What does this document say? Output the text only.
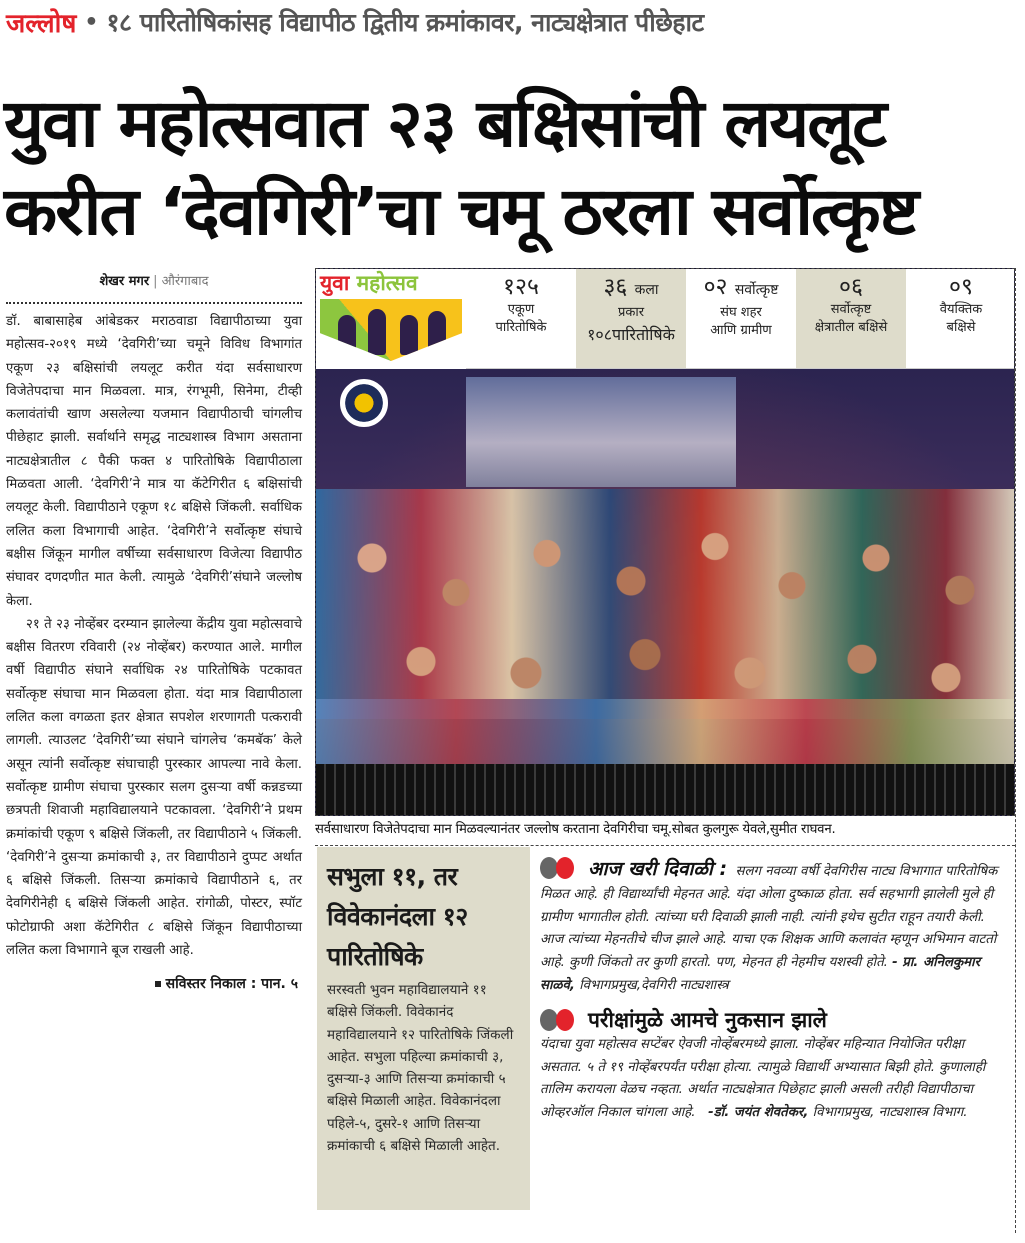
जल्लोष • १८ पारितोषिकांसह विद्यापीठ द्वितीय क्रमांकावर, नाट्यक्षेत्रात पीछेहाट
युवा महोत्सवात २३ बक्षिसांची लयलूट
करीत ‘देवगिरी’चा चमू ठरला सर्वोत्कृष्ट
शेखर मगर | औरंगाबाद

डॉ. बाबासाहेब आंबेडकर मराठवाडा विद्यापीठाच्या युवा महोत्सव-२०१९ मध्ये ‘देवगिरी’च्या चमूने विविध विभागांत एकूण २३ बक्षिसांची लयलूट करीत यंदा सर्वसाधारण विजेतेपदाचा मान मिळवला. मात्र, रंगभूमी, सिनेमा, टीव्ही कलावंतांची खाण असलेल्या यजमान विद्यापीठाची चांगलीच पीछेहाट झाली. सर्वार्थाने समृद्ध नाट्यशास्त्र विभाग असताना नाट्यक्षेत्रातील ८ पैकी फक्त ४ पारितोषिके विद्यापीठाला मिळवता आली. ‘देवगिरी’ने मात्र या कॅटेगिरीत ६ बक्षिसांची लयलूट केली. विद्यापीठाने एकूण १८ बक्षिसे जिंकली. सर्वाधिक ललित कला विभागाची आहेत. ‘देवगिरी’ने सर्वोत्कृष्ट संघाचे बक्षीस जिंकून मागील वर्षीच्या सर्वसाधारण विजेत्या विद्यापीठ संघावर दणदणीत मात केली. त्यामुळे ‘देवगिरी’संघाने जल्लोष केला.

२१ ते २३ नोव्हेंबर दरम्यान झालेल्या केंद्रीय युवा महोत्सवाचे बक्षीस वितरण रविवारी (२४ नोव्हेंबर) करण्यात आले. मागील वर्षी विद्यापीठ संघाने सर्वाधिक २४ पारितोषिके पटकावत सर्वोत्कृष्ट संघाचा मान मिळवला होता. यंदा मात्र विद्यापीठाला ललित कला वगळता इतर क्षेत्रात सपशेल शरणागती पत्करावी लागली. त्याउलट ‘देवगिरी’च्या संघाने चांगलेच ‘कमबॅक’ केले असून त्यांनी सर्वोत्कृष्ट संघाचाही पुरस्कार आपल्या नावे केला. सर्वोत्कृष्ट ग्रामीण संघाचा पुरस्कार सलग दुसऱ्या वर्षी कन्नडच्या छत्रपती शिवाजी महाविद्यालयाने पटकावला. ‘देवगिरी’ने प्रथम क्रमांकांची एकूण ९ बक्षिसे जिंकली, तर विद्यापीठाने ५ जिंकली. ‘देवगिरी’ने दुसऱ्या क्रमांकाची ३, तर विद्यापीठाने दुप्पट अर्थात ६ बक्षिसे जिंकली. तिसऱ्या क्रमांकाचे विद्यापीठाने ६, तर देवगिरीनेही ६ बक्षिसे जिंकली आहेत. रांगोळी, पोस्टर, स्पॉट फोटोग्राफी अशा कॅटेगिरीत ८ बक्षिसे जिंकून विद्यापीठाच्या ललित कला विभागाने बूज राखली आहे.

सविस्तर निकाल : पान. ५
युवा महोत्सव	१२५
एकूण
पारितोषिके
३६ कला
प्रकार
१०८पारितोषिके
०२ सर्वोत्कृष्ट
संघ शहर
आणि ग्रामीण
०६
सर्वोत्कृष्ट
क्षेत्रातील बक्षिसे
०९
वैयक्तिक
बक्षिसे
सर्वसाधारण विजेतेपदाचा मान मिळवल्यानंतर जल्लोष करताना देवगिरीचा चमू.सोबत कुलगुरू येवले,सुमीत राघवन.
सभुला ११, तर विवेकानंदला १२ पारितोषिके

सरस्वती भुवन महाविद्यालयाने ११ बक्षिसे जिंकली. विवेकानंद महाविद्यालयाने १२ पारितोषिके जिंकली आहेत. सभुला पहिल्या क्रमांकाची ३, दुसऱ्या-३ आणि तिसऱ्या क्रमांकाची ५ बक्षिसे मिळाली आहेत. विवेकानंदला पहिले-५, दुसरे-१ आणि तिसऱ्या क्रमांकाची ६ बक्षिसे मिळाली आहेत.

आज खरी दिवाळी : सलग नवव्या वर्षी देवगिरीस नाट्य विभागात पारितोषिक मिळत आहे. ही विद्यार्थ्यांची मेहनत आहे. यंदा ओला दुष्काळ होता. सर्व सहभागी झालेली मुले ही ग्रामीण भागातील होती. त्यांच्या घरी दिवाळी झाली नाही. त्यांनी इथेच सुटीत राहून तयारी केली. आज त्यांच्या मेहनतीचे चीज झाले आहे. याचा एक शिक्षक आणि कलावंत म्हणून अभिमान वाटतो आहे. कुणी जिंकतो तर कुणी हारतो. पण, मेहनत ही नेहमीच यशस्वी होते. - प्रा. अनिलकुमार साळवे, विभागप्रमुख,देवगिरी नाट्यशास्त्र
परीक्षांमुळे आमचे नुकसान झाले
यंदाचा युवा महोत्सव सप्टेंबर ऐवजी नोव्हेंबरमध्ये झाला. नोव्हेंबर महिन्यात नियोजित परीक्षा असतात. ५ ते १९ नोव्हेंबरपर्यंत परीक्षा होत्या. त्यामुळे विद्यार्थी अभ्यासात बिझी होते. कुणालाही तालिम करायला वेळच नव्हता. अर्थात नाट्यक्षेत्रात पिछेहाट झाली असली तरीही विद्यापीठाचा ओव्हरऑल निकाल चांगला आहे. -डॉ. जयंत शेवतेकर, विभागप्रमुख, नाट्यशास्त्र विभाग.
